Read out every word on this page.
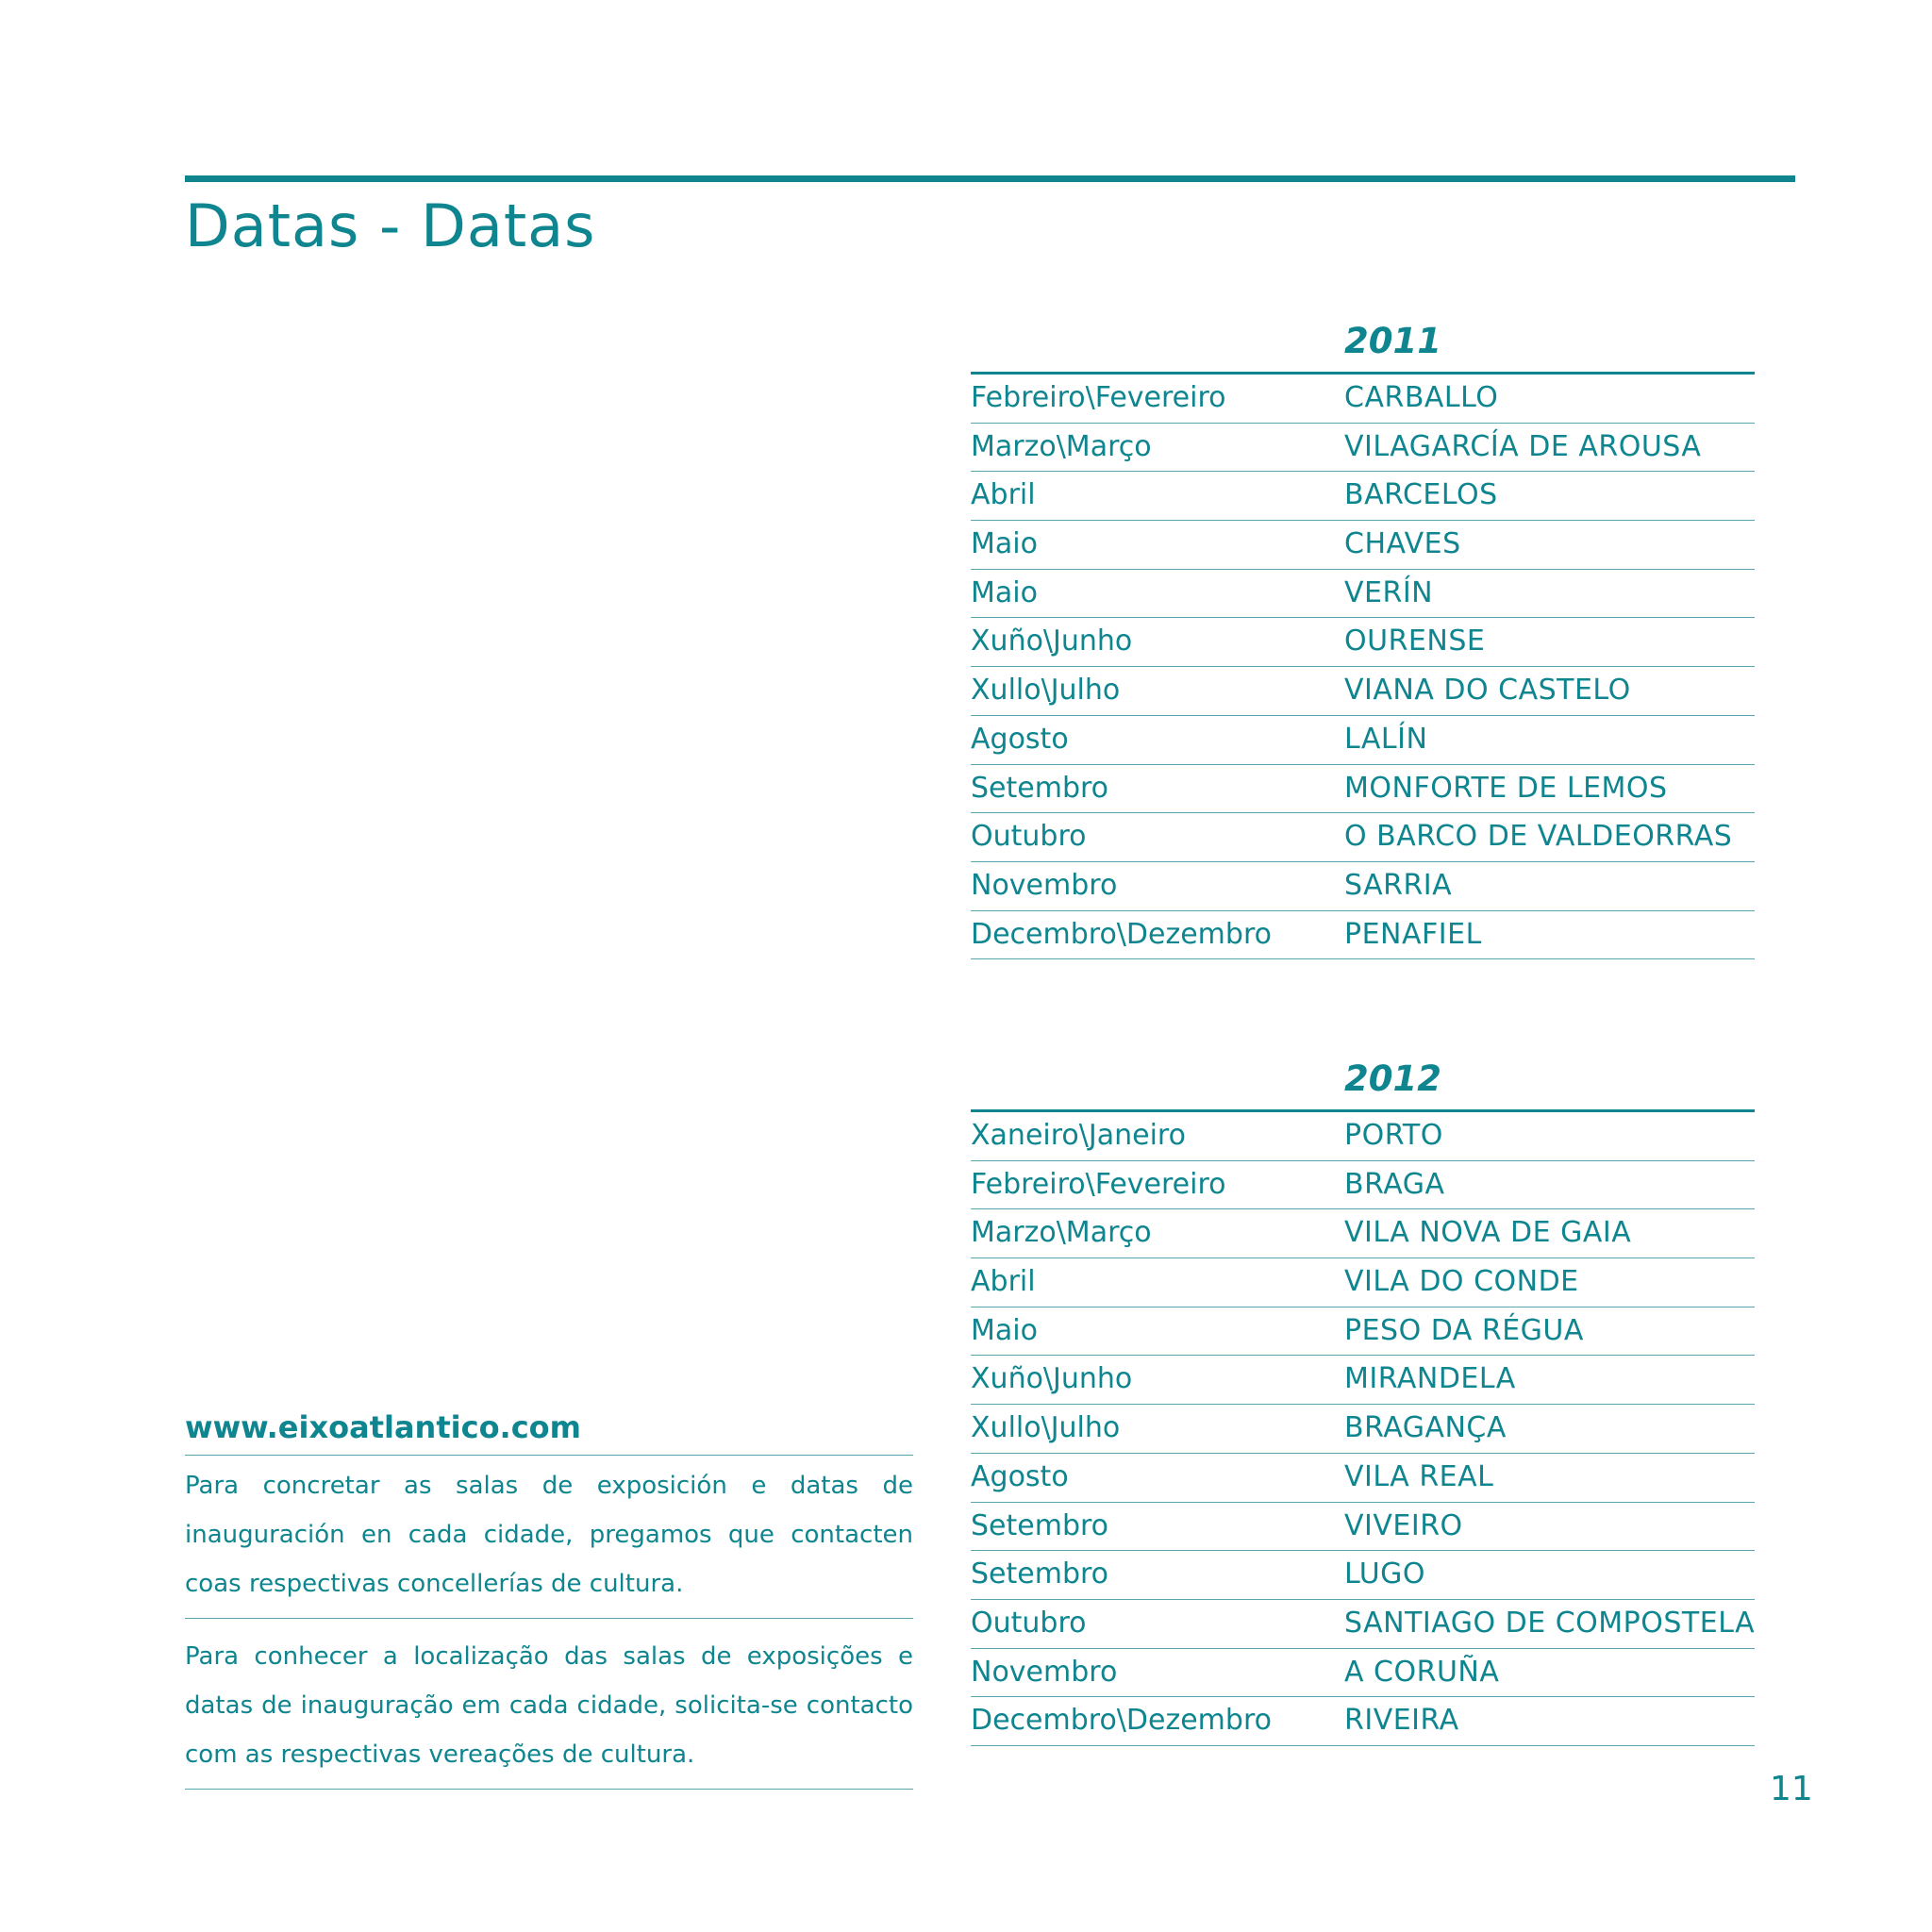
Datas - Datas
2011
Febreiro\Fevereiro	CARBALLO
Marzo\Março	VILAGARCÍA DE AROUSA
Abril	BARCELOS
Maio	CHAVES
Maio	VERÍN
Xuño\Junho	OURENSE
Xullo\Julho	VIANA DO CASTELO
Agosto	LALÍN
Setembro	MONFORTE DE LEMOS
Outubro	O BARCO DE VALDEORRAS
Novembro	SARRIA
Decembro\Dezembro	PENAFIEL
2012
Xaneiro\Janeiro	PORTO
Febreiro\Fevereiro	BRAGA
Marzo\Março	VILA NOVA DE GAIA
Abril	VILA DO CONDE
Maio	PESO DA RÉGUA
Xuño\Junho	MIRANDELA
Xullo\Julho	BRAGANÇA
Agosto	VILA REAL
Setembro	VIVEIRO
Setembro	LUGO
Outubro	SANTIAGO DE COMPOSTELA
Novembro	A CORUÑA
Decembro\Dezembro	RIVEIRA
www.eixoatlantico.com
Para concretar as salas de exposición e datas de inauguración en cada cidade, pregamos que contacten coas respectivas concellerías de cultura.
Para conhecer a localização das salas de exposições e datas de inauguração em cada cidade, solicita-se contacto com as respectivas vereações de cultura.
11
